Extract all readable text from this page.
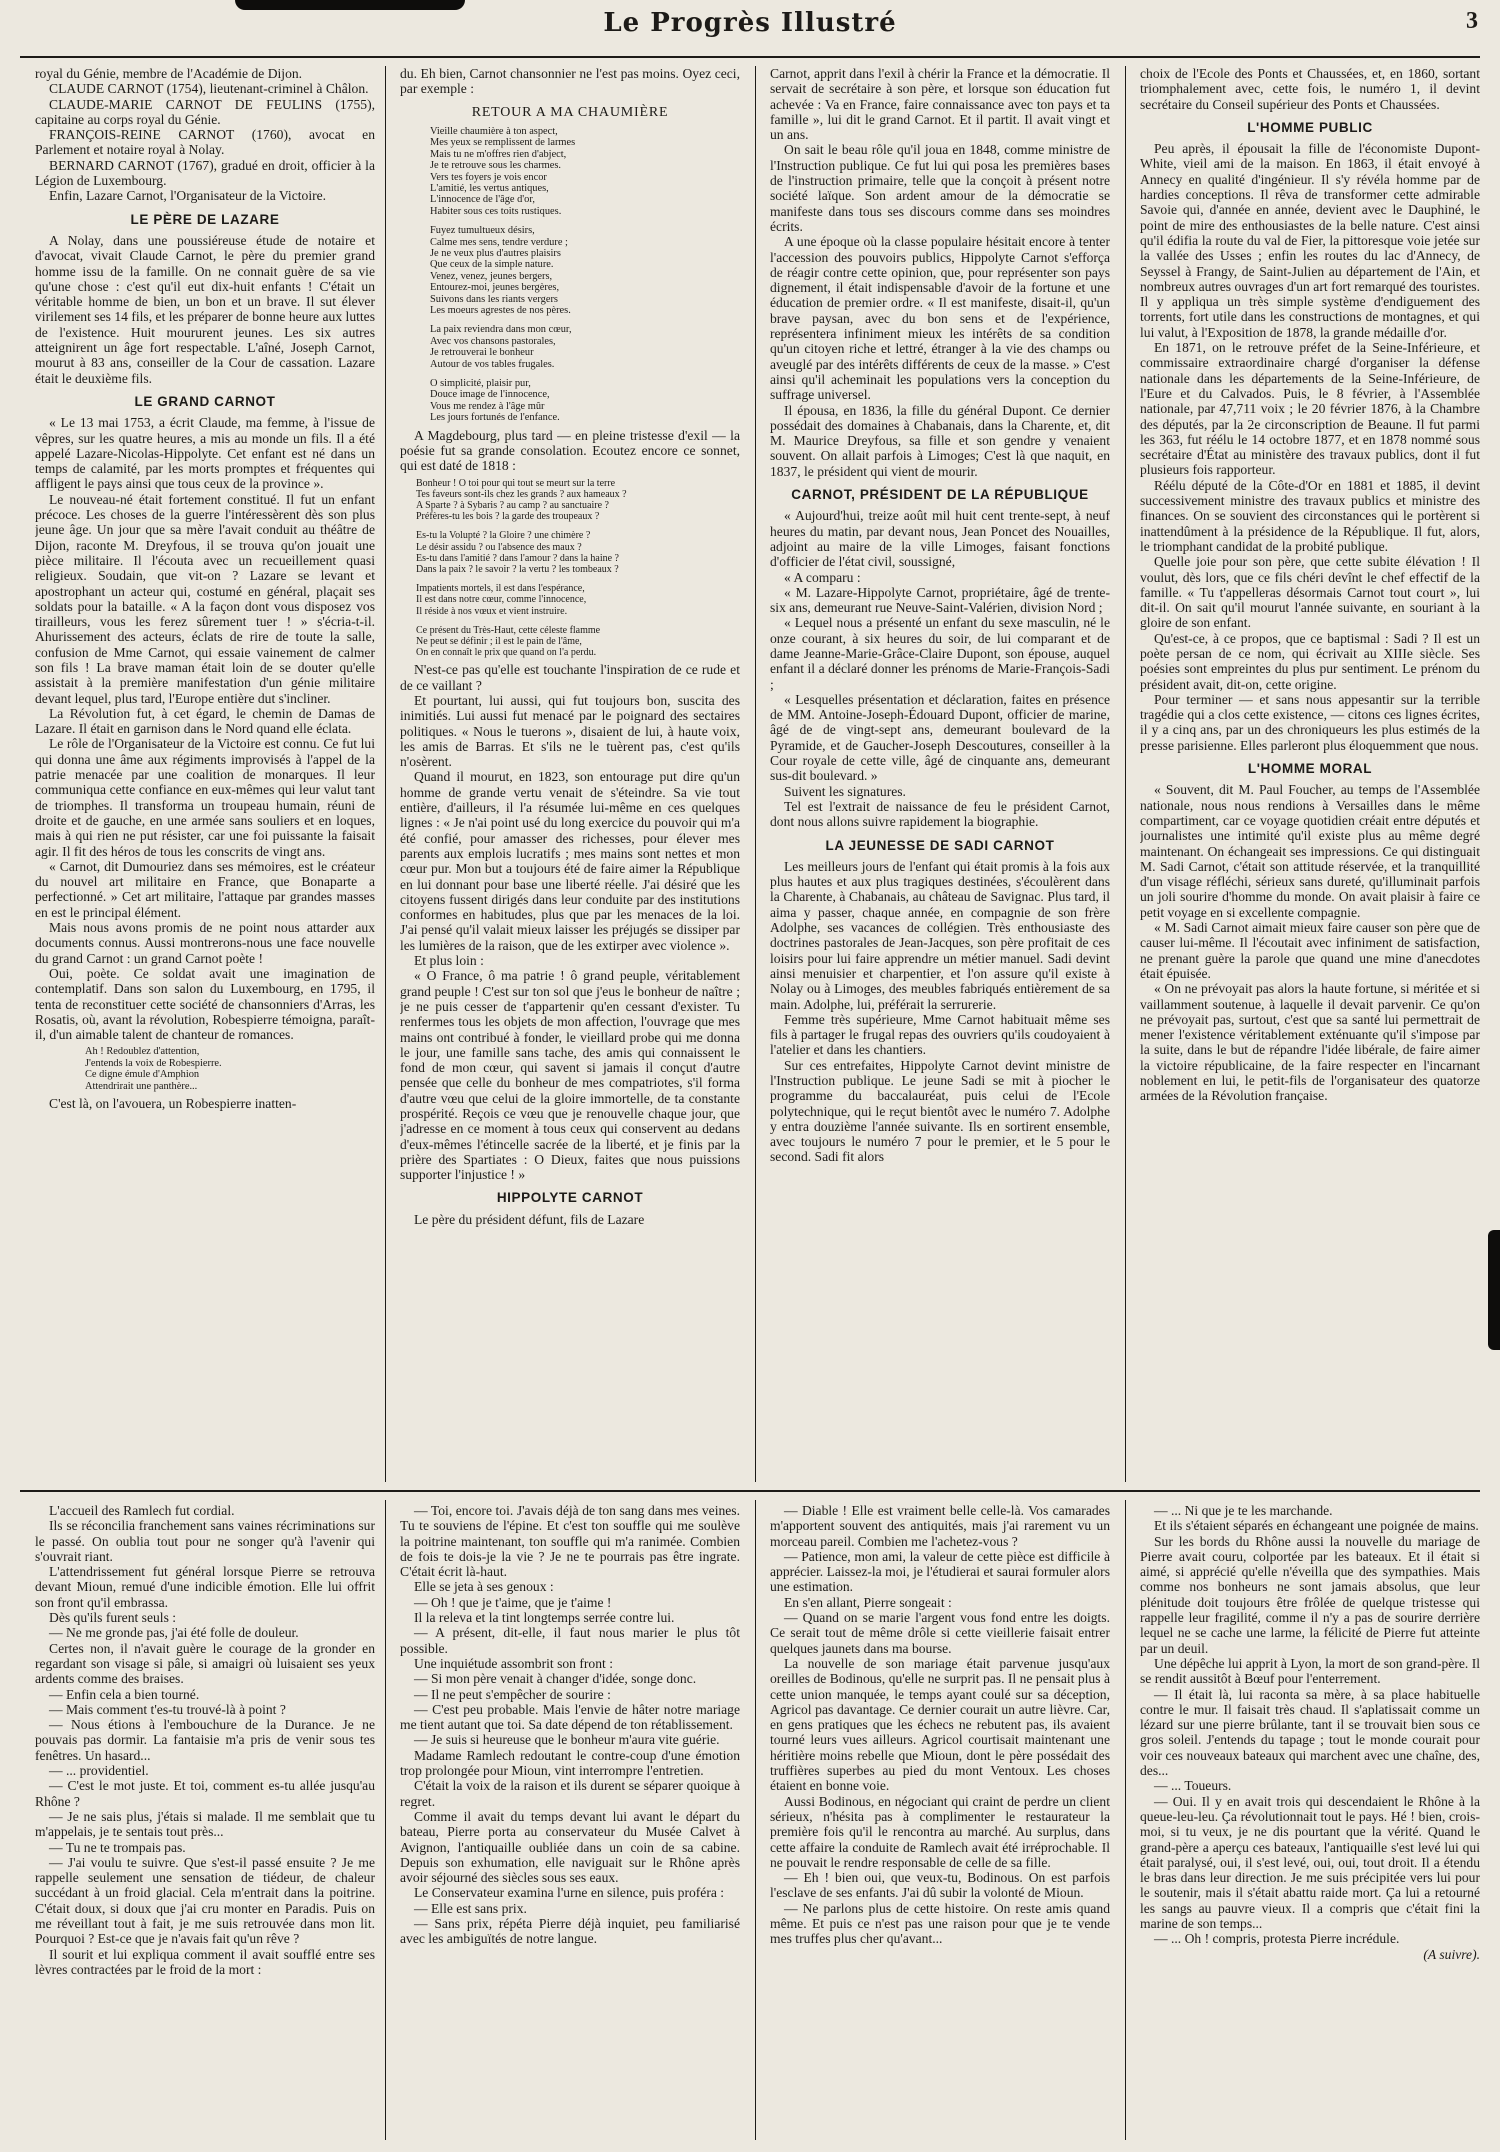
Le Progrès Illustré	3

royal du Génie, membre de l'Académie de Dijon.

CLAUDE CARNOT (1754), lieutenant-criminel à Châlon.

CLAUDE-MARIE CARNOT DE FEULINS (1755), capitaine au corps royal du Génie.

FRANÇOIS-REINE CARNOT (1760), avocat en Parlement et notaire royal à Nolay.

BERNARD CARNOT (1767), gradué en droit, officier à la Légion de Luxembourg.

Enfin, Lazare Carnot, l'Organisateur de la Victoire.

LE PÈRE DE LAZARE

A Nolay, dans une poussiéreuse étude de notaire et d'avocat, vivait Claude Carnot, le père du premier grand homme issu de la famille. On ne connait guère de sa vie qu'une chose : c'est qu'il eut dix-huit enfants ! C'était un véritable homme de bien, un bon et un brave. Il sut élever virilement ses 14 fils, et les préparer de bonne heure aux luttes de l'existence. Huit moururent jeunes. Les six autres atteignirent un âge fort respectable. L'aîné, Joseph Carnot, mourut à 83 ans, conseiller de la Cour de cassation. Lazare était le deuxième fils.

LE GRAND CARNOT

« Le 13 mai 1753, a écrit Claude, ma femme, à l'issue de vêpres, sur les quatre heures, a mis au monde un fils. Il a été appelé Lazare-Nicolas-Hippolyte. Cet enfant est né dans un temps de calamité, par les morts promptes et fréquentes qui affligent le pays ainsi que tous ceux de la province ».

Le nouveau-né était fortement constitué. Il fut un enfant précoce. Les choses de la guerre l'intéressèrent dès son plus jeune âge. Un jour que sa mère l'avait conduit au théâtre de Dijon, raconte M. Dreyfous, il se trouva qu'on jouait une pièce militaire. Il l'écouta avec un recueillement quasi religieux. Soudain, que vit-on ? Lazare se levant et apostrophant un acteur qui, costumé en général, plaçait ses soldats pour la bataille. « A la façon dont vous disposez vos tirailleurs, vous les ferez sûrement tuer ! » s'écria-t-il. Ahurissement des acteurs, éclats de rire de toute la salle, confusion de Mme Carnot, qui essaie vainement de calmer son fils ! La brave maman était loin de se douter qu'elle assistait à la première manifestation d'un génie militaire devant lequel, plus tard, l'Europe entière dut s'incliner.

La Révolution fut, à cet égard, le chemin de Damas de Lazare. Il était en garnison dans le Nord quand elle éclata.

Le rôle de l'Organisateur de la Victoire est connu. Ce fut lui qui donna une âme aux régiments improvisés à l'appel de la patrie menacée par une coalition de monarques. Il leur communiqua cette confiance en eux-mêmes qui leur valut tant de triomphes. Il transforma un troupeau humain, réuni de droite et de gauche, en une armée sans souliers et en loques, mais à qui rien ne put résister, car une foi puissante la faisait agir. Il fit des héros de tous les conscrits de vingt ans.

« Carnot, dit Dumouriez dans ses mémoires, est le créateur du nouvel art militaire en France, que Bonaparte a perfectionné. » Cet art militaire, l'attaque par grandes masses en est le principal élément.

Mais nous avons promis de ne point nous attarder aux documents connus. Aussi montrerons-nous une face nouvelle du grand Carnot : un grand Carnot poète !

Oui, poète. Ce soldat avait une imagination de contemplatif. Dans son salon du Luxembourg, en 1795, il tenta de reconstituer cette société de chansonniers d'Arras, les Rosatis, où, avant la révolution, Robespierre témoigna, paraît-il, d'un aimable talent de chanteur de romances.

Ah ! Redoublez d'attention,
J'entends la voix de Robespierre.
Ce digne émule d'Amphion
Attendrirait une panthère...

C'est là, on l'avouera, un Robespierre inatten-

du. Eh bien, Carnot chansonnier ne l'est pas moins. Oyez ceci, par exemple :

RETOUR A MA CHAUMIÈRE
Vieille chaumière à ton aspect,
Mes yeux se remplissent de larmes
Mais tu ne m'offres rien d'abject,
Je te retrouve sous les charmes.
Vers tes foyers je vois encor
L'amitié, les vertus antiques,
L'innocence de l'âge d'or,
Habiter sous ces toits rustiques.
Fuyez tumultueux désirs,
Calme mes sens, tendre verdure ;
Je ne veux plus d'autres plaisirs
Que ceux de la simple nature.
Venez, venez, jeunes bergers,
Entourez-moi, jeunes bergères,
Suivons dans les riants vergers
Les moeurs agrestes de nos pères.
La paix reviendra dans mon cœur,
Avec vos chansons pastorales,
Je retrouverai le bonheur
Autour de vos tables frugales.
O simplicité, plaisir pur,
Douce image de l'innocence,
Vous me rendez à l'âge mûr
Les jours fortunés de l'enfance.

A Magdebourg, plus tard — en pleine tristesse d'exil — la poésie fut sa grande consolation. Ecoutez encore ce sonnet, qui est daté de 1818 :

Bonheur ! O toi pour qui tout se meurt sur la terre
Tes faveurs sont-ils chez les grands ? aux hameaux ?
A Sparte ? à Sybaris ? au camp ? au sanctuaire ?
Préfères-tu les bois ? la garde des troupeaux ?
Es-tu la Volupté ? la Gloire ? une chimère ?
Le désir assidu ? ou l'absence des maux ?
Es-tu dans l'amitié ? dans l'amour ? dans la haine ?
Dans la paix ? le savoir ? la vertu ? les tombeaux ?
Impatients mortels, il est dans l'espérance,
Il est dans notre cœur, comme l'innocence,
Il réside à nos vœux et vient instruire.
Ce présent du Très-Haut, cette céleste flamme
Ne peut se définir ; il est le pain de l'âme,
On en connaît le prix que quand on l'a perdu.

N'est-ce pas qu'elle est touchante l'inspiration de ce rude et de ce vaillant ?

Et pourtant, lui aussi, qui fut toujours bon, suscita des inimitiés. Lui aussi fut menacé par le poignard des sectaires politiques. « Nous le tuerons », disaient de lui, à haute voix, les amis de Barras. Et s'ils ne le tuèrent pas, c'est qu'ils n'osèrent.

Quand il mourut, en 1823, son entourage put dire qu'un homme de grande vertu venait de s'éteindre. Sa vie tout entière, d'ailleurs, il l'a résumée lui-même en ces quelques lignes : « Je n'ai point usé du long exercice du pouvoir qui m'a été confié, pour amasser des richesses, pour élever mes parents aux emplois lucratifs ; mes mains sont nettes et mon cœur pur. Mon but a toujours été de faire aimer la République en lui donnant pour base une liberté réelle. J'ai désiré que les citoyens fussent dirigés dans leur conduite par des institutions conformes en habitudes, plus que par les menaces de la loi. J'ai pensé qu'il valait mieux laisser les préjugés se dissiper par les lumières de la raison, que de les extirper avec violence ».

Et plus loin :

« O France, ô ma patrie ! ô grand peuple, véritablement grand peuple ! C'est sur ton sol que j'eus le bonheur de naître ; je ne puis cesser de t'appartenir qu'en cessant d'exister. Tu renfermes tous les objets de mon affection, l'ouvrage que mes mains ont contribué à fonder, le vieillard probe qui me donna le jour, une famille sans tache, des amis qui connaissent le fond de mon cœur, qui savent si jamais il conçut d'autre pensée que celle du bonheur de mes compatriotes, s'il forma d'autre vœu que celui de la gloire immortelle, de ta constante prospérité. Reçois ce vœu que je renouvelle chaque jour, que j'adresse en ce moment à tous ceux qui conservent au dedans d'eux-mêmes l'étincelle sacrée de la liberté, et je finis par la prière des Spartiates : O Dieux, faites que nous puissions supporter l'injustice ! »

HIPPOLYTE CARNOT

Le père du président défunt, fils de Lazare

Carnot, apprit dans l'exil à chérir la France et la démocratie. Il servait de secrétaire à son père, et lorsque son éducation fut achevée : Va en France, faire connaissance avec ton pays et ta famille », lui dit le grand Carnot. Et il partit. Il avait vingt et un ans.

On sait le beau rôle qu'il joua en 1848, comme ministre de l'Instruction publique. Ce fut lui qui posa les premières bases de l'instruction primaire, telle que la conçoit à présent notre société laïque. Son ardent amour de la démocratie se manifeste dans tous ses discours comme dans ses moindres écrits.

A une époque où la classe populaire hésitait encore à tenter l'accession des pouvoirs publics, Hippolyte Carnot s'efforça de réagir contre cette opinion, que, pour représenter son pays dignement, il était indispensable d'avoir de la fortune et une éducation de premier ordre. « Il est manifeste, disait-il, qu'un brave paysan, avec du bon sens et de l'expérience, représentera infiniment mieux les intérêts de sa condition qu'un citoyen riche et lettré, étranger à la vie des champs ou aveuglé par des intérêts différents de ceux de la masse. » C'est ainsi qu'il acheminait les populations vers la conception du suffrage universel.

Il épousa, en 1836, la fille du général Dupont. Ce dernier possédait des domaines à Chabanais, dans la Charente, et, dit M. Maurice Dreyfous, sa fille et son gendre y venaient souvent. On allait parfois à Limoges; C'est là que naquit, en 1837, le président qui vient de mourir.

CARNOT, PRÉSIDENT DE LA RÉPUBLIQUE

« Aujourd'hui, treize août mil huit cent trente-sept, à neuf heures du matin, par devant nous, Jean Poncet des Nouailles, adjoint au maire de la ville Limoges, faisant fonctions d'officier de l'état civil, soussigné,

« A comparu :

« M. Lazare-Hippolyte Carnot, propriétaire, âgé de trente-six ans, demeurant rue Neuve-Saint-Valérien, division Nord ;

« Lequel nous a présenté un enfant du sexe masculin, né le onze courant, à six heures du soir, de lui comparant et de dame Jeanne-Marie-Grâce-Claire Dupont, son épouse, auquel enfant il a déclaré donner les prénoms de Marie-François-Sadi ;

« Lesquelles présentation et déclaration, faites en présence de MM. Antoine-Joseph-Édouard Dupont, officier de marine, âgé de de vingt-sept ans, demeurant boulevard de la Pyramide, et de Gaucher-Joseph Descoutures, conseiller à la Cour royale de cette ville, âgé de cinquante ans, demeurant sus-dit boulevard. »

Suivent les signatures.

Tel est l'extrait de naissance de feu le président Carnot, dont nous allons suivre rapidement la biographie.

LA JEUNESSE DE SADI CARNOT

Les meilleurs jours de l'enfant qui était promis à la fois aux plus hautes et aux plus tragiques destinées, s'écoulèrent dans la Charente, à Chabanais, au château de Savignac. Plus tard, il aima y passer, chaque année, en compagnie de son frère Adolphe, ses vacances de collégien. Très enthousiaste des doctrines pastorales de Jean-Jacques, son père profitait de ces loisirs pour lui faire apprendre un métier manuel. Sadi devint ainsi menuisier et charpentier, et l'on assure qu'il existe à Nolay ou à Limoges, des meubles fabriqués entièrement de sa main. Adolphe, lui, préférait la serrurerie.

Femme très supérieure, Mme Carnot habituait même ses fils à partager le frugal repas des ouvriers qu'ils coudoyaient à l'atelier et dans les chantiers.

Sur ces entrefaites, Hippolyte Carnot devint ministre de l'Instruction publique. Le jeune Sadi se mit à piocher le programme du baccalauréat, puis celui de l'Ecole polytechnique, qui le reçut bientôt avec le numéro 7. Adolphe y entra douzième l'année suivante. Ils en sortirent ensemble, avec toujours le numéro 7 pour le premier, et le 5 pour le second. Sadi fit alors

choix de l'Ecole des Ponts et Chaussées, et, en 1860, sortant triomphalement avec, cette fois, le numéro 1, il devint secrétaire du Conseil supérieur des Ponts et Chaussées.

L'HOMME PUBLIC

Peu après, il épousait la fille de l'économiste Dupont-White, vieil ami de la maison. En 1863, il était envoyé à Annecy en qualité d'ingénieur. Il s'y révéla homme par de hardies conceptions. Il rêva de transformer cette admirable Savoie qui, d'année en année, devient avec le Dauphiné, le point de mire des enthousiastes de la belle nature. C'est ainsi qu'il édifia la route du val de Fier, la pittoresque voie jetée sur la vallée des Usses ; enfin les routes du lac d'Annecy, de Seyssel à Frangy, de Saint-Julien au département de l'Ain, et nombreux autres ouvrages d'un art fort remarqué des touristes. Il y appliqua un très simple système d'endiguement des torrents, fort utile dans les constructions de montagnes, et qui lui valut, à l'Exposition de 1878, la grande médaille d'or.

En 1871, on le retrouve préfet de la Seine-Inférieure, et commissaire extraordinaire chargé d'organiser la défense nationale dans les départements de la Seine-Inférieure, de l'Eure et du Calvados. Puis, le 8 février, à l'Assemblée nationale, par 47,711 voix ; le 20 février 1876, à la Chambre des députés, par la 2e circonscription de Beaune. Il fut parmi les 363, fut réélu le 14 octobre 1877, et en 1878 nommé sous secrétaire d'État au ministère des travaux publics, dont il fut plusieurs fois rapporteur.

Réélu député de la Côte-d'Or en 1881 et 1885, il devint successivement ministre des travaux publics et ministre des finances. On se souvient des circonstances qui le portèrent si inattendûment à la présidence de la République. Il fut, alors, le triomphant candidat de la probité publique.

Quelle joie pour son père, que cette subite élévation ! Il voulut, dès lors, que ce fils chéri devînt le chef effectif de la famille. « Tu t'appelleras désormais Carnot tout court », lui dit-il. On sait qu'il mourut l'année suivante, en souriant à la gloire de son enfant.

Qu'est-ce, à ce propos, que ce baptismal : Sadi ? Il est un poète persan de ce nom, qui écrivait au XIIIe siècle. Ses poésies sont empreintes du plus pur sentiment. Le prénom du président avait, dit-on, cette origine.

Pour terminer — et sans nous appesantir sur la terrible tragédie qui a clos cette existence, — citons ces lignes écrites, il y a cinq ans, par un des chroniqueurs les plus estimés de la presse parisienne. Elles parleront plus éloquemment que nous.

L'HOMME MORAL

« Souvent, dit M. Paul Foucher, au temps de l'Assemblée nationale, nous nous rendions à Versailles dans le même compartiment, car ce voyage quotidien créait entre députés et journalistes une intimité qu'il existe plus au même degré maintenant. On échangeait ses impressions. Ce qui distinguait M. Sadi Carnot, c'était son attitude réservée, et la tranquillité d'un visage réfléchi, sérieux sans dureté, qu'illuminait parfois un joli sourire d'homme du monde. On avait plaisir à faire ce petit voyage en si excellente compagnie.

« M. Sadi Carnot aimait mieux faire causer son père que de causer lui-même. Il l'écoutait avec infiniment de satisfaction, ne prenant guère la parole que quand une mine d'anecdotes était épuisée.

« On ne prévoyait pas alors la haute fortune, si méritée et si vaillamment soutenue, à laquelle il devait parvenir. Ce qu'on ne prévoyait pas, surtout, c'est que sa santé lui permettrait de mener l'existence véritablement exténuante qu'il s'impose par la suite, dans le but de répandre l'idée libérale, de faire aimer la victoire républicaine, de la faire respecter en l'incarnant noblement en lui, le petit-fils de l'organisateur des quatorze armées de la Révolution française.

L'accueil des Ramlech fut cordial.

Ils se réconcilia franchement sans vaines récriminations sur le passé. On oublia tout pour ne songer qu'à l'avenir qui s'ouvrait riant.

L'attendrissement fut général lorsque Pierre se retrouva devant Mioun, remué d'une indicible émotion. Elle lui offrit son front qu'il embrassa.

Dès qu'ils furent seuls :

— Ne me gronde pas, j'ai été folle de douleur.

Certes non, il n'avait guère le courage de la gronder en regardant son visage si pâle, si amaigri où luisaient ses yeux ardents comme des braises.

— Enfin cela a bien tourné.

— Mais comment t'es-tu trouvé-là à point ?

— Nous étions à l'embouchure de la Durance. Je ne pouvais pas dormir. La fantaisie m'a pris de venir sous tes fenêtres. Un hasard...

— ... providentiel.

— C'est le mot juste. Et toi, comment es-tu allée jusqu'au Rhône ?

— Je ne sais plus, j'étais si malade. Il me semblait que tu m'appelais, je te sentais tout près...

— Tu ne te trompais pas.

— J'ai voulu te suivre. Que s'est-il passé ensuite ? Je me rappelle seulement une sensation de tiédeur, de chaleur succédant à un froid glacial. Cela m'entrait dans la poitrine. C'était doux, si doux que j'ai cru monter en Paradis. Puis on me réveillant tout à fait, je me suis retrouvée dans mon lit. Pourquoi ? Est-ce que je n'avais fait qu'un rêve ?

Il sourit et lui expliqua comment il avait soufflé entre ses lèvres contractées par le froid de la mort :

— Toi, encore toi. J'avais déjà de ton sang dans mes veines. Tu te souviens de l'épine. Et c'est ton souffle qui me soulève la poitrine maintenant, ton souffle qui m'a ranimée. Combien de fois te dois-je la vie ? Je ne te pourrais pas être ingrate. C'était écrit là-haut.

Elle se jeta à ses genoux :

— Oh ! que je t'aime, que je t'aime !

Il la releva et la tint longtemps serrée contre lui.

— A présent, dit-elle, il faut nous marier le plus tôt possible.

Une inquiétude assombrit son front :

— Si mon père venait à changer d'idée, songe donc.

— Il ne peut s'empêcher de sourire :

— C'est peu probable. Mais l'envie de hâter notre mariage me tient autant que toi. Sa date dépend de ton rétablissement.

— Je suis si heureuse que le bonheur m'aura vite guérie.

Madame Ramlech redoutant le contre-coup d'une émotion trop prolongée pour Mioun, vint interrompre l'entretien.

C'était la voix de la raison et ils durent se séparer quoique à regret.

Comme il avait du temps devant lui avant le départ du bateau, Pierre porta au conservateur du Musée Calvet à Avignon, l'antiquaille oubliée dans un coin de sa cabine. Depuis son exhumation, elle naviguait sur le Rhône après avoir séjourné des siècles sous ses eaux.

Le Conservateur examina l'urne en silence, puis proféra :

— Elle est sans prix.

— Sans prix, répéta Pierre déjà inquiet, peu familiarisé avec les ambiguïtés de notre langue.

— Diable ! Elle est vraiment belle celle-là. Vos camarades m'apportent souvent des antiquités, mais j'ai rarement vu un morceau pareil. Combien me l'achetez-vous ?

— Patience, mon ami, la valeur de cette pièce est difficile à apprécier. Laissez-la moi, je l'étudierai et saurai formuler alors une estimation.

En s'en allant, Pierre songeait :

— Quand on se marie l'argent vous fond entre les doigts. Ce serait tout de même drôle si cette vieillerie faisait entrer quelques jaunets dans ma bourse.

La nouvelle de son mariage était parvenue jusqu'aux oreilles de Bodinous, qu'elle ne surprit pas. Il ne pensait plus à cette union manquée, le temps ayant coulé sur sa déception, Agricol pas davantage. Ce dernier courait un autre lièvre. Car, en gens pratiques que les échecs ne rebutent pas, ils avaient tourné leurs vues ailleurs. Agricol courtisait maintenant une héritière moins rebelle que Mioun, dont le père possédait des truffières superbes au pied du mont Ventoux. Les choses étaient en bonne voie.

Aussi Bodinous, en négociant qui craint de perdre un client sérieux, n'hésita pas à complimenter le restaurateur la première fois qu'il le rencontra au marché. Au surplus, dans cette affaire la conduite de Ramlech avait été irréprochable. Il ne pouvait le rendre responsable de celle de sa fille.

— Eh ! bien oui, que veux-tu, Bodinous. On est parfois l'esclave de ses enfants. J'ai dû subir la volonté de Mioun.

— Ne parlons plus de cette histoire. On reste amis quand même. Et puis ce n'est pas une raison pour que je te vende mes truffes plus cher qu'avant...

— ... Ni que je te les marchande.

Et ils s'étaient séparés en échangeant une poignée de mains.

Sur les bords du Rhône aussi la nouvelle du mariage de Pierre avait couru, colportée par les bateaux. Et il était si aimé, si apprécié qu'elle n'éveilla que des sympathies. Mais comme nos bonheurs ne sont jamais absolus, que leur plénitude doit toujours être frôlée de quelque tristesse qui rappelle leur fragilité, comme il n'y a pas de sourire derrière lequel ne se cache une larme, la félicité de Pierre fut atteinte par un deuil.

Une dépêche lui apprit à Lyon, la mort de son grand-père. Il se rendit aussitôt à Bœuf pour l'enterrement.

— Il était là, lui raconta sa mère, à sa place habituelle contre le mur. Il faisait très chaud. Il s'aplatissait comme un lézard sur une pierre brûlante, tant il se trouvait bien sous ce gros soleil. J'entends du tapage ; tout le monde courait pour voir ces nouveaux bateaux qui marchent avec une chaîne, des, des...

— ... Toueurs.

— Oui. Il y en avait trois qui descendaient le Rhône à la queue-leu-leu. Ça révolutionnait tout le pays. Hé ! bien, crois-moi, si tu veux, je ne dis pourtant que la vérité. Quand le grand-père a aperçu ces bateaux, l'antiquaille s'est levé lui qui était paralysé, oui, il s'est levé, oui, oui, tout droit. Il a étendu le bras dans leur direction. Je me suis précipitée vers lui pour le soutenir, mais il s'était abattu raide mort. Ça lui a retourné les sangs au pauvre vieux. Il a compris que c'était fini la marine de son temps...

— ... Oh ! compris, protesta Pierre incrédule.

(A suivre).
